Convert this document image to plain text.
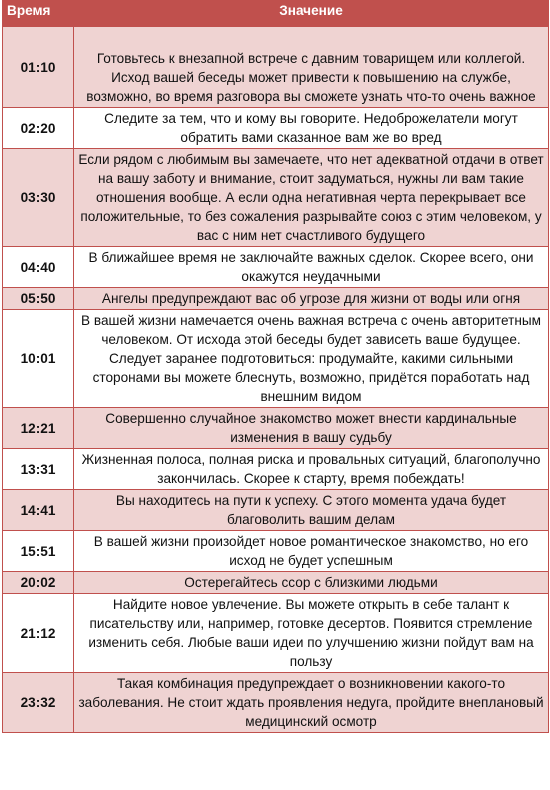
Время	Значение
01:10	Готовьтесь к внезапной встрече с давним товарищем или коллегой. Исход вашей беседы может привести к повышению на службе, возможно, во время разговора вы сможете узнать что-то очень важное
02:20	Следите за тем, что и кому вы говорите. Недоброжелатели могут обратить вами сказанное вам же во вред
03:30	Если рядом с любимым вы замечаете, что нет адекватной отдачи в ответ на вашу заботу и внимание, стоит задуматься, нужны ли вам такие отношения вообще. А если одна негативная черта перекрывает все положительные, то без сожаления разрывайте союз с этим человеком, у вас с ним нет счастливого будущего
04:40	В ближайшее время не заключайте важных сделок. Скорее всего, они окажутся неудачными
05:50	Ангелы предупреждают вас об угрозе для жизни от воды или огня
10:01	В вашей жизни намечается очень важная встреча с очень авторитетным человеком. От исхода этой беседы будет зависеть ваше будущее. Следует заранее подготовиться: продумайте, какими сильными сторонами вы можете блеснуть, возможно, придётся поработать над внешним видом
12:21	Совершенно случайное знакомство может внести кардинальные изменения в вашу судьбу
13:31	Жизненная полоса, полная риска и провальных ситуаций, благополучно закончилась. Скорее к старту, время побеждать!
14:41	Вы находитесь на пути к успеху. С этого момента удача будет благоволить вашим делам
15:51	В вашей жизни произойдет новое романтическое знакомство, но его исход не будет успешным
20:02	Остерегайтесь ссор с близкими людьми
21:12	Найдите новое увлечение. Вы можете открыть в себе талант к писательству или, например, готовке десертов. Появится стремление изменить себя. Любые ваши идеи по улучшению жизни пойдут вам на пользу
23:32	Такая комбинация предупреждает о возникновении какого-то заболевания. Не стоит ждать проявления недуга, пройдите внеплановый медицинский осмотр
